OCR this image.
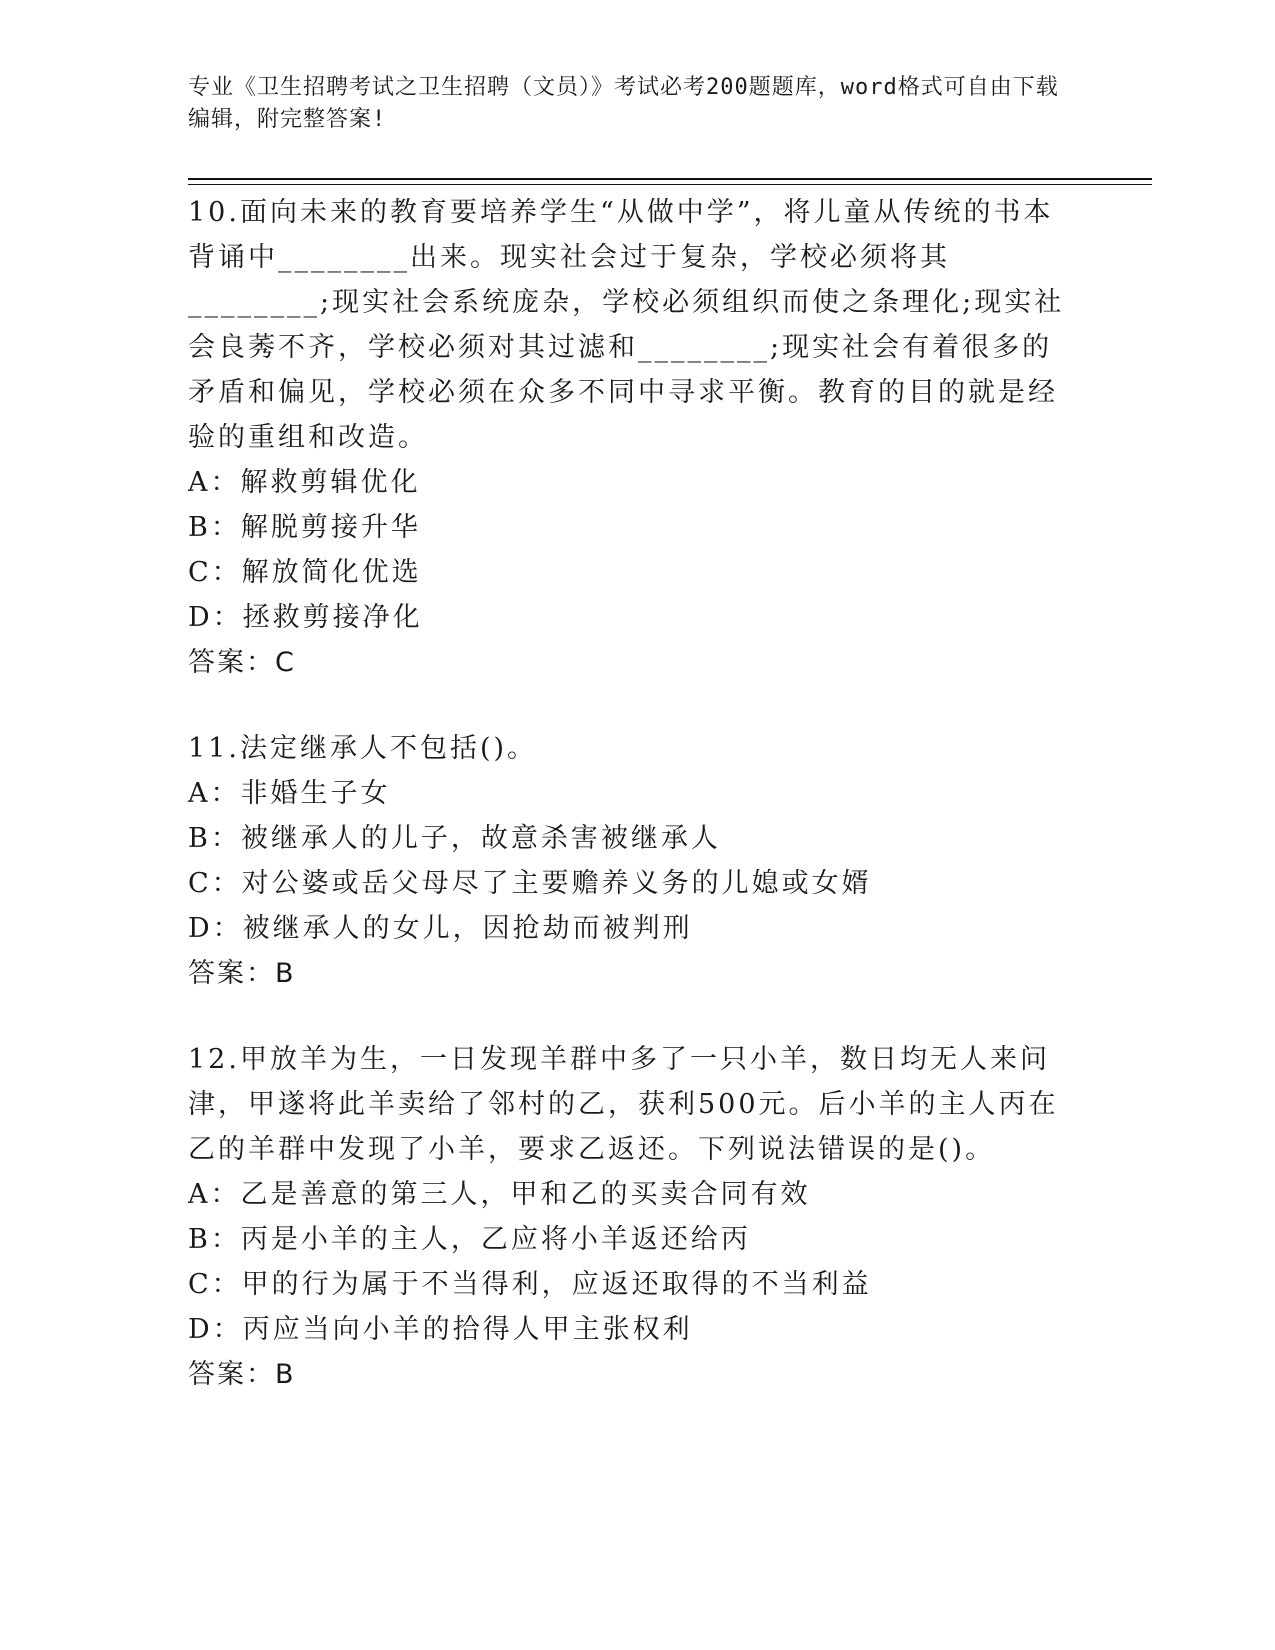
专业《卫生招聘考试之卫生招聘（文员）》考试必考200题题库，word格式可自由下载编辑，附完整答案!

10.面向未来的教育要培养学生“从做中学”，将儿童从传统的书本背诵中________出来。现实社会过于复杂，学校必须将其________;现实社会系统庞杂，学校必须组织而使之条理化;现实社会良莠不齐，学校必须对其过滤和________;现实社会有着很多的矛盾和偏见，学校必须在众多不同中寻求平衡。教育的目的就是经验的重组和改造。

A：解救剪辑优化

B：解脱剪接升华

C：解放简化优选

D：拯救剪接净化

答案：C

11.法定继承人不包括()。

A：非婚生子女

B：被继承人的儿子，故意杀害被继承人

C：对公婆或岳父母尽了主要赡养义务的儿媳或女婿

D：被继承人的女儿，因抢劫而被判刑

答案：B

12.甲放羊为生，一日发现羊群中多了一只小羊，数日均无人来问津，甲遂将此羊卖给了邻村的乙，获利500元。后小羊的主人丙在乙的羊群中发现了小羊，要求乙返还。下列说法错误的是()。

A：乙是善意的第三人，甲和乙的买卖合同有效

B：丙是小羊的主人，乙应将小羊返还给丙

C：甲的行为属于不当得利，应返还取得的不当利益

D：丙应当向小羊的拾得人甲主张权利

答案：B
